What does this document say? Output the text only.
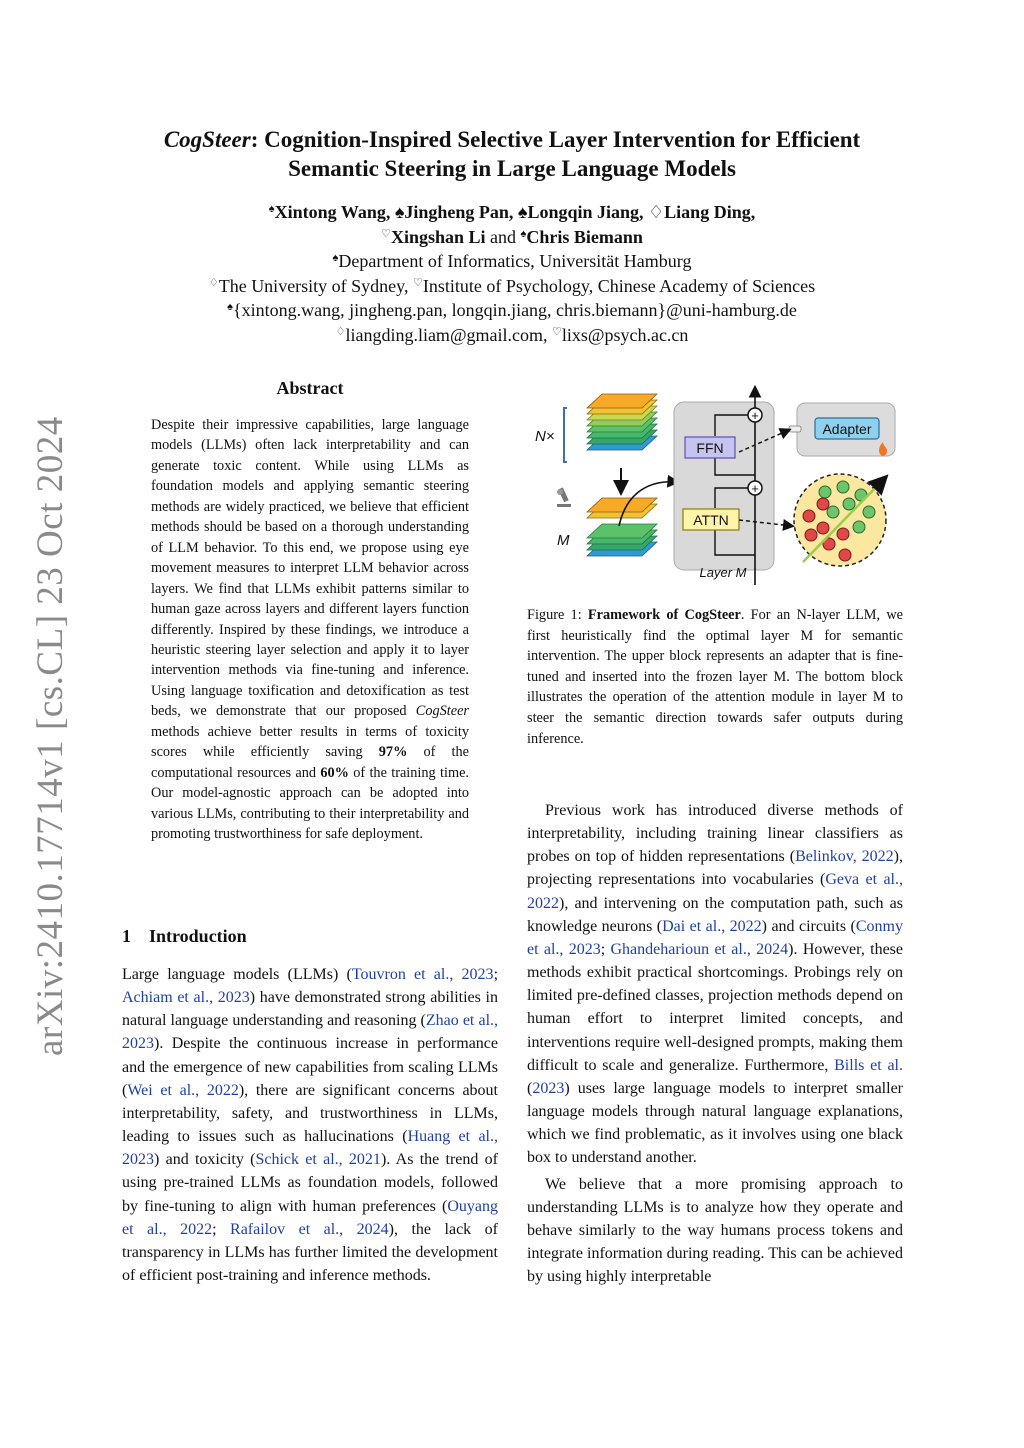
arXiv:2410.17714v1 [cs.CL] 23 Oct 2024
CogSteer: Cognition-Inspired Selective Layer Intervention for Efficient
Semantic Steering in Large Language Models
♠Xintong Wang, ♠Jingheng Pan, ♠Longqin Jiang, ♢Liang Ding,
♡Xingshan Li and ♠Chris Biemann
♠Department of Informatics, Universität Hamburg
♢The University of Sydney, ♡Institute of Psychology, Chinese Academy of Sciences
♠{xintong.wang, jingheng.pan, longqin.jiang, chris.biemann}@uni-hamburg.de
♢liangding.liam@gmail.com, ♡lixs@psych.ac.cn
Abstract
Despite their impressive capabilities, large language models (LLMs) often lack interpretability and can generate toxic content. While using LLMs as foundation models and applying semantic steering methods are widely practiced, we believe that efficient methods should be based on a thorough understanding of LLM behavior. To this end, we propose using eye movement measures to interpret LLM behavior across layers. We find that LLMs exhibit patterns similar to human gaze across layers and different layers function differently. Inspired by these findings, we introduce a heuristic steering layer selection and apply it to layer intervention methods via fine-tuning and inference. Using language toxification and detoxification as test beds, we demonstrate that our proposed CogSteer methods achieve better results in terms of toxicity scores while efficiently saving 97% of the computational resources and 60% of the training time. Our model-agnostic approach can be adopted into various LLMs, contributing to their interpretability and promoting trustworthiness for safe deployment.
1 Introduction

Large language models (LLMs) (Touvron et al., 2023; Achiam et al., 2023) have demonstrated strong abilities in natural language understanding and reasoning (Zhao et al., 2023). Despite the continuous increase in performance and the emergence of new capabilities from scaling LLMs (Wei et al., 2022), there are significant concerns about interpretability, safety, and trustworthiness in LLMs, leading to issues such as hallucinations (Huang et al., 2023) and toxicity (Schick et al., 2021). As the trend of using pre-trained LLMs as foundation models, followed by fine-tuning to align with human preferences (Ouyang et al., 2022; Rafailov et al., 2024), the lack of transparency in LLMs has further limited the development of efficient post-training and inference methods.

Previous work has introduced diverse methods of interpretability, including training linear classifiers as probes on top of hidden representations (Belinkov, 2022), projecting representations into vocabularies (Geva et al., 2022), and intervening on the computation path, such as knowledge neurons (Dai et al., 2022) and circuits (Conmy et al., 2023; Ghandeharioun et al., 2024). However, these methods exhibit practical shortcomings. Probings rely on limited pre-defined classes, projection methods depend on human effort to interpret limited concepts, and interventions require well-designed prompts, making them difficult to scale and generalize. Furthermore, Bills et al. (2023) uses large language models to interpret smaller language models through natural language explanations, which we find problematic, as it involves using one black box to understand another.

We believe that a more promising approach to understanding LLMs is to analyze how they operate and behave similarly to the way humans process tokens and integrate information during reading. This can be achieved by using highly interpretable

N×
M
+
+
FFN
ATTN
Layer M
Adapter
Figure 1: Framework of CogSteer. For an N-layer LLM, we first heuristically find the optimal layer M for semantic intervention. The upper block represents an adapter that is fine-tuned and inserted into the frozen layer M. The bottom block illustrates the operation of the attention module in layer M to steer the semantic direction towards safer outputs during inference.
